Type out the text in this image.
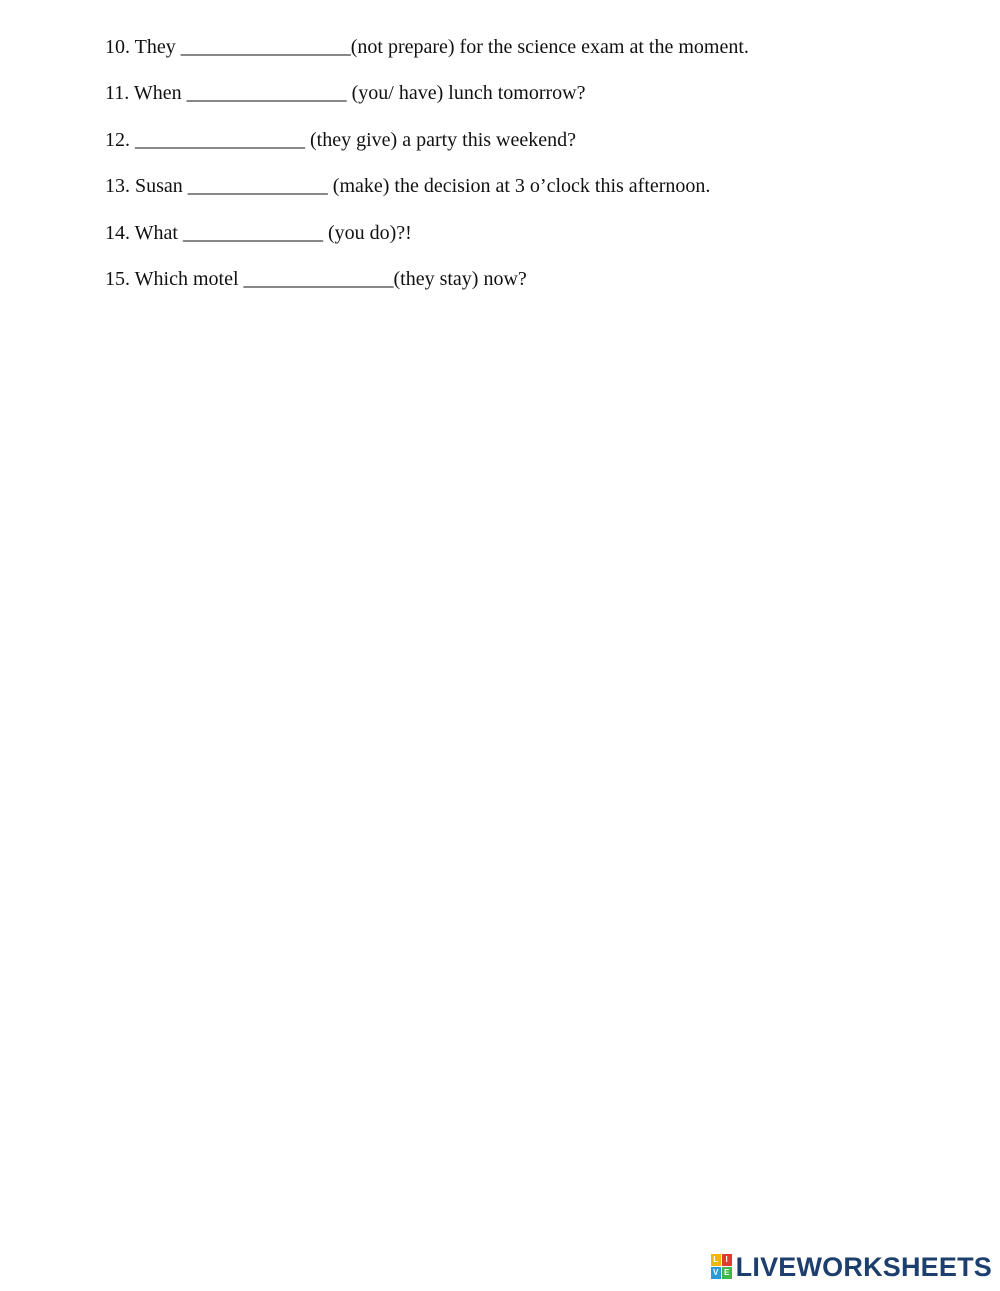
10. They _________________(not prepare) for the science exam at the moment.
11. When ________________ (you/ have) lunch tomorrow?
12. _________________ (they give) a party this weekend?
13. Susan ______________ (make) the decision at 3 o’clock this afternoon.
14. What ______________ (you do)?!
15. Which motel _______________(they stay) now?
L I
V E LIVEWORKSHEETS
